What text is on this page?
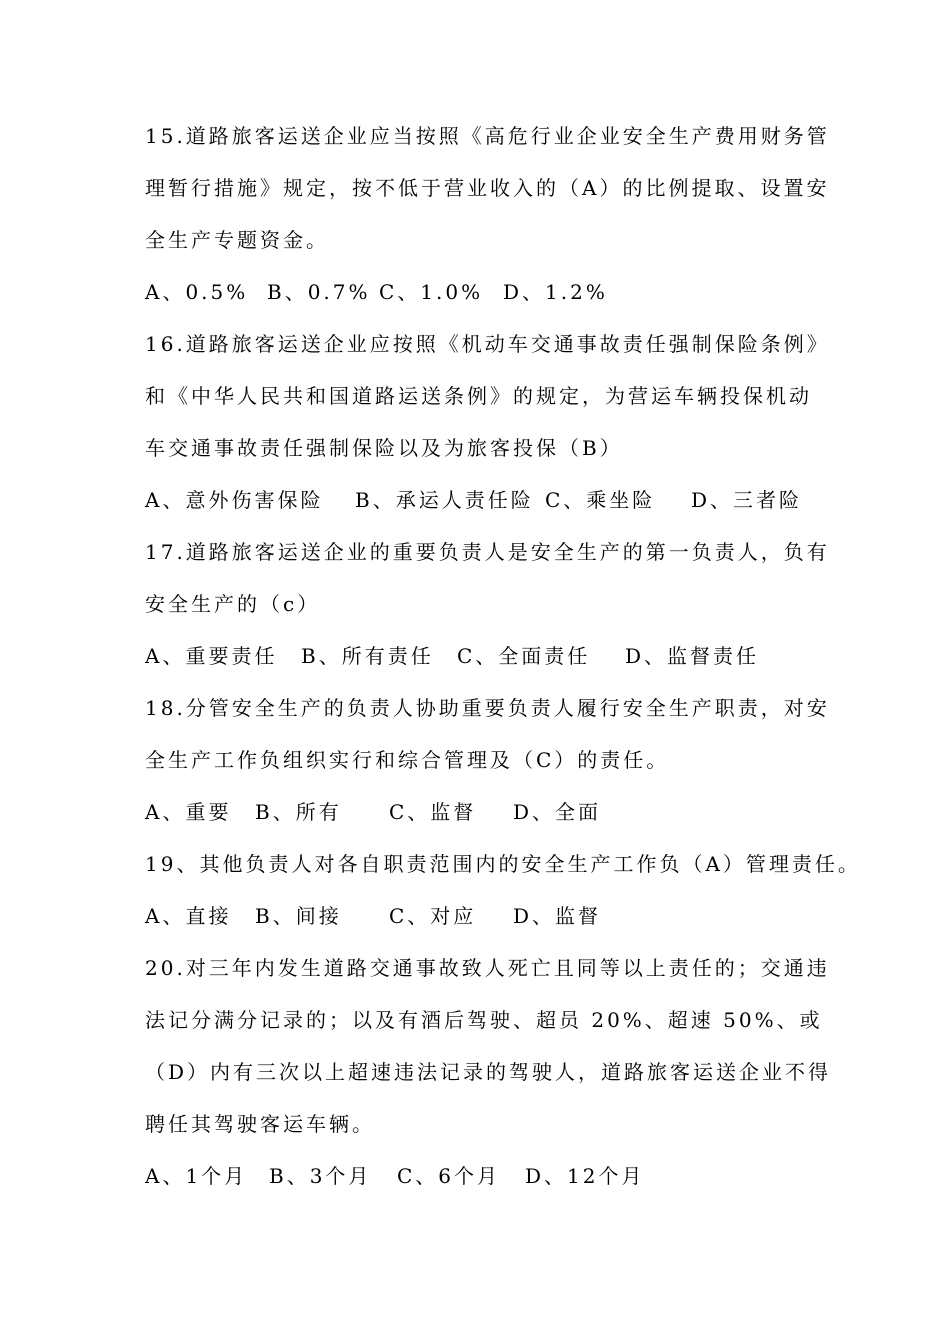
15.道路旅客运送企业应当按照《高危行业企业安全生产费用财务管
理暂行措施》规定，按不低于营业收入的（A）的比例提取、设置安
全生产专题资金。
A、0.5% B、0.7% C、1.0% D、1.2%
16.道路旅客运送企业应按照《机动车交通事故责任强制保险条例》
和《中华人民共和国道路运送条例》的规定，为营运车辆投保机动
车交通事故责任强制保险以及为旅客投保（B）
A、意外伤害保险	B、承运人责任险 C、乘坐险	D、三者险
17.道路旅客运送企业的重要负责人是安全生产的第一负责人，负有
安全生产的（c）
A、重要责任	B、所有责任	C、全面责任	D、监督责任
18.分管安全生产的负责人协助重要负责人履行安全生产职责，对安
全生产工作负组织实行和综合管理及（C）的责任。
A、重要	B、所有	C、监督	D、全面
19、其他负责人对各自职责范围内的安全生产工作负（A）管理责任。
A、直接	B、间接	C、对应	D、监督
20.对三年内发生道路交通事故致人死亡且同等以上责任的；交通违
法记分满分记录的；以及有酒后驾驶、超员 20%、超速 50%、或
（D）内有三次以上超速违法记录的驾驶人，道路旅客运送企业不得
聘任其驾驶客运车辆。
A、1个月	B、3个月	C、6个月	D、12个月
